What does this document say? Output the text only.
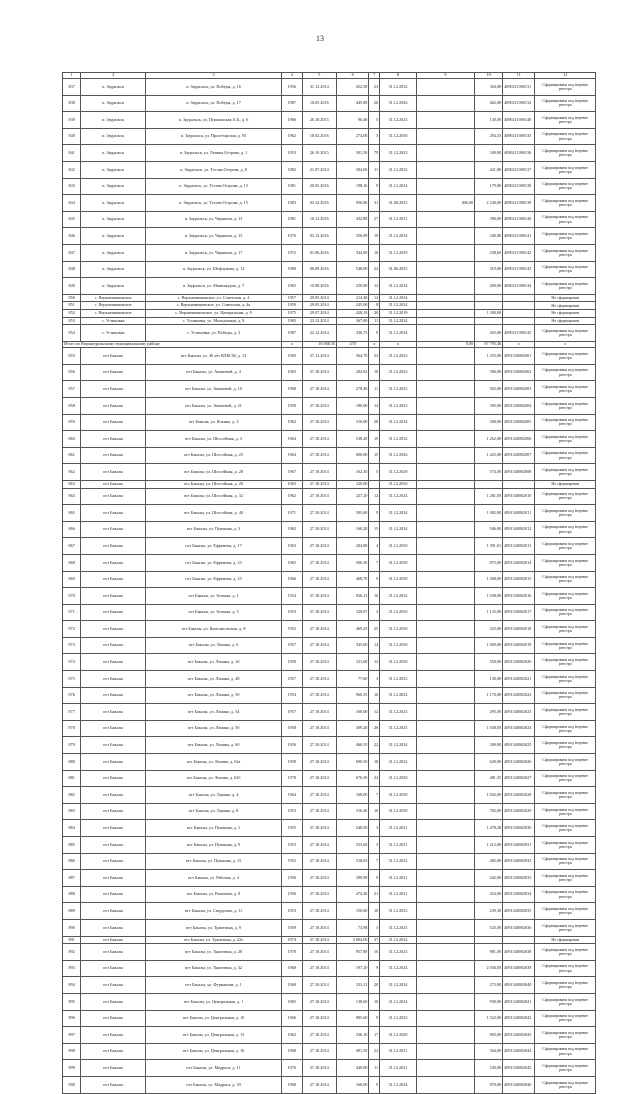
13
1	2	3	4	5	6	7	8	9	10	11	12
837	п. Зауральск	п. Зауральск, ул. Победы, д. 16	1956	31.12.2014	452,50	23	31.12.2032		304,00	4090211000131	Сформирована под ведение реестра
838	п. Зауральск	п. Зауральск, ул. Победы, д. 17	1987	10.05.2016	445,80	26	31.12.2026		462,00	4090211000132	Сформирована под ведение реестра
839	п. Зауральск	п. Зауральск, ул. Пушкинская А.Б., д. 6	1966	26.10.2015	96,40	5	31.12.2023		130,00	4090211000140	Сформирована под ведение реестра
840	п. Зауральск	п. Зауральск, ул. Пролетарская, д. 95	1962	10.02.2016	274,00	5	31.12.2030		294,35	4090211000135	Сформирована под ведение реестра
841	п. Зауральск	п. Зауральск, ул. Ленина Острова, д. 1	1953	26.10.2015	301,50	79	31.12.2023		349,00	4090211000136	Сформирована под ведение реестра
842	п. Зауральск	п. Зауральск, ул. Тосова Острова, д. 8	1982	21.07.2014	304,60	11	31.12.2032		421,80	4090211000137	Сформирована под ведение реестра
843	п. Зауральск	п. Зауральск, ул. Тосова Острова, д. 13	1981	20.05.2016	198,16	9	31.12.2024		179,80	4090211000138	Сформирована под ведение реестра
844	п. Зауральск	п. Зауральск, ул. Тосова Острова, д. 15	1983	03.12.2016	956,80	31	31.08.2025	406,00	2 240,00	4090211000139	Сформирована под ведение реестра
845	п. Зауральск	п. Зауральск, ул. Черняхов, д. 13	1981	10.12.2016	432,80	27	31.12.2031		396,00	4090211000140	Сформирована под ведение реестра
846	п. Зауральск	п. Зауральск, ул. Черняхов, д. 15	1976	03.12.2016	356,99	19	31.12.2034		340,80	4090211000141	Сформирована под ведение реестра
847	п. Зауральск	п. Зауральск, ул. Черняхов, д. 17	1972	01.06.2016	344,90	16	31.12.2029		238,60	4090211000142	Сформирована под ведение реестра
848	п. Зауральск	п. Зауральск, ул. Шефлунова, д. 12	1980	06.09.2016	548,00	22	01.06.2025		319,00	4090211000143	Сформирована под ведение реестра
849	п. Зауральск	п. Зауральск, ул. Маньчжуров, д. 7	1965	10.08.2016	250,90	12	31.12.2024		269,00	4090211000144	Сформирована под ведение реестра
850	с. Верхнеивановское	с. Верхнеивановское, ул. Советская, д. 4	1957	29.05.2014	214,48	14	31.12.2024				Не сформирован
851	с. Верхнеивановское	с. Верхнеивановское, ул. Советская, д. 4а	1959	29.05.2014	245,00	8	31.12.2024				Не сформирован
852	с. Верхнеивановское	с. Верхнеивановское, ул. Центральная, д. 9	1975	29.07.2014	428,10	20	31.12.2019		1 300,00		Не сформирован
853	с. Устиновка	с. Устиновка, ул. Молодежная, д. 8	1983	23.12.2014	367,00	11	31.12.2024				Не сформирован
854	с. Устиновка	с. Устиновка, ул. Победы, д. 3	1987	22.12.2014	436,75	9	31.12.2034		263,00	4090211000145	Сформирована под ведение реестра
Итого по Верхнеуральскому муниципальному району			х	16 066,55	470	х	х	0,00	67 795,46	х	х
855	пгт Бакалы	пгт Бакалы, ул. 40 лет ВЛКСМ, д. 13	1969	27.12.2014	564,70	22	31.12.2023		1 255,00	4091340002001	Сформирована под ведение реестра
856	пгт Бакалы	пгт Бакалы, ул. Аюкаевой, д. 4	1963	27.10.2014	204,82	10	31.12.2023		396,00	4091340002002	Сформирована под ведение реестра
857	пгт Бакалы	пгт Бакалы, ул. Аюкаевой, д. 10	1968	27.10.2014	278,46	11	31.12.2023		502,00	4091340002003	Сформирована под ведение реестра
858	пгт Бакалы	пгт Бакалы, ул. Аюкаевой, д. 21	1958	27.10.2014	180,60	14	31.12.2023		395,00	4091340002004	Сформирована под ведение реестра
859	пгт Бакалы	пгт Бакалы, ул. Ильина, д. 3	1962	27.10.2014	316,00	28	31.12.2024		308,00	4091340002005	Сформирована под ведение реестра
860	пгт Бакалы	пгт Бакалы, ул. Шоссейная, д. 3	1964	27.10.2014	538,20	19	31.12.2032		1 262,00	4091340002006	Сформирована под ведение реестра
861	пгт Бакалы	пгт Бакалы, ул. Шоссейная, д. 25	1964	27.10.2014	600,00	15	31.12.2026		1 425,00	4091340002007	Сформирована под ведение реестра
862	пгт Бакалы	пгт Бакалы, ул. Шоссейная, д. 28	1967	27.10.2014	162,30	5	31.12.2029		574,00	4091340002008	Сформирована под ведение реестра
863	пгт Бакалы	пгт Бакалы, ул. Шоссейная, д. 28	1963	27.10.2014	320,00		31.12.2030				Не сформирован
864	пгт Бакалы	пгт Бакалы, ул. Шоссейная, д. 32	1962	27.10.2014	227,20	12	31.12.2024		1 281,00	4091340002010	Сформирована под ведение реестра
865	пгт Бакалы	пгт Бакалы, ул. Шоссейная, д. 40	1971	27.10.2014	505,60	9	31.12.2024		1 082,00	4091340002011	Сформирована под ведение реестра
866	пгт Бакалы	пгт Бакалы, ул. Пушкина, д. 3	1962	27.10.2014	160,20	15	31.12.2024		946,00	4091340002012	Сформирована под ведение реестра
867	пгт Бакалы	пгт Бакалы, ул. Ефремова, д. 17	1963	27.10.2014	204,80	4	31.12.2030		1 391,61	4091340002013	Сформирована под ведение реестра
868	пгт Бакалы	пгт Бакалы, ул. Ефремова, д. 23	1965	27.10.2014	506,50	7	31.12.2030		875,00	4091340002014	Сформирована под ведение реестра
869	пгт Бакалы	пгт Бакалы, ул. Ефремова, д. 25	1966	27.10.2014	468,70	9	31.12.2030		1 368,00	4091340002015	Сформирована под ведение реестра
870	пгт Бакалы	пгт Бакалы, ул. Зеленая, д. 1	1954	27.10.2014	926,15	16	31.12.2032		1 038,00	4091340002016	Сформирована под ведение реестра
871	пгт Бакалы	пгт Бакалы, ул. Зеленая, д. 5	1953	27.10.2014	320,07	2	31.12.2030		1 135,00	4091340002017	Сформирована под ведение реестра
872	пгт Бакалы	пгт Бакалы, ул. Комсомольская, д. 8	1952	27.10.2014	469,25	25	31.12.2030		325,00	4091340002018	Сформирована под ведение реестра
873	пгт Бакалы	пгт Бакалы, ул. Ленина, д. 6	1957	27.10.2014	345,60	14	31.12.2030		1 000,00	4091340002019	Сформирована под ведение реестра
874	пгт Бакалы	пгт Бакалы, ул. Ленина, д. 16	1958	27.10.2014	331,60	12	31.12.2030		550,00	4091340002020	Сформирована под ведение реестра
875	пгт Бакалы	пгт Бакалы, ул. Ленина, д. 48	1957	27.10.2014	77,60	3	31.12.2023		130,00	4091340002021	Сформирована под ведение реестра
876	пгт Бакалы	пгт Бакалы, ул. Ленина, д. 50	1954	27.10.2014	960,35	16	31.12.2022		1 170,00	4091340002022	Сформирована под ведение реестра
877	пгт Бакалы	пгт Бакалы, ул. Ленина, д. 54	1957	27.10.2014	160,00	12	31.12.2023		295,00	4091340002023	Сформирована под ведение реестра
878	пгт Бакалы	пгт Бакалы, ул. Ленина, д. 56	1958	27.10.2014	309,20	26	31.12.2025		1 038,00	4091340002024	Сформирована под ведение реестра
879	пгт Бакалы	пгт Бакалы, ул. Ленина, д. 60	1956	27.10.2014	460,55	22	31.12.2024		309,00	4091340002025	Сформирована под ведение реестра
880	пгт Бакалы	пгт Бакалы, ул. Ленина, д. 62а	1958	27.10.2014	690,50	18	31.12.2022		620,00	4091340002026	Сформирована под ведение реестра
881	пгт Бакалы	пгт Бакалы, ул. Ленина, д. 62б	1978	27.10.2014	676,50	22	31.12.2020		481,35	4091340002027	Сформирована под ведение реестра
882	пгт Бакалы	пгт Бакалы, ул. Ларина, д. 4	1964	27.10.2014	168,00	7	31.12.2030		1 942,00	4091340002028	Сформирована под ведение реестра
883	пгт Бакалы	пгт Бакалы, ул. Ларина, д. 8	1953	27.10.2014	316,40	10	31.12.2030		782,00	4091340002029	Сформирована под ведение реестра
884	пгт Бакалы	пгт Бакалы, ул. Пушкина, д. 1	1955	27.10.2014	548,50	3	31.12.2021		1 478,28	4091340002030	Сформирована под ведение реестра
885	пгт Бакалы	пгт Бакалы, ул. Пушкина, д. 9	1953	27.10.2014	553,60	3	31.12.2021		1 212,00	4091340002031	Сформирована под ведение реестра
886	пгт Бакалы	пгт Бакалы, ул. Пушкина, д. 15	1952	27.10.2014	318,65	7	31.12.2022		482,00	4091340002032	Сформирована под ведение реестра
887	пгт Бакалы	пгт Бакалы, ул. Рабочая, д. 4	1956	27.10.2014	399,90	9	31.12.2021		442,00	4091340002033	Сформирована под ведение реестра
888	пгт Бакалы	пгт Бакалы, ул. Рахимова, д. 8	1956	27.10.2014	474,40	21	31.12.2021		454,00	4091340002034	Сформирована под ведение реестра
889	пгт Бакалы	пгт Бакалы, ул. Свердлова, д. 11	1953	27.10.2014	150,60	10	31.12.2023		239,30	4091340002035	Сформирована под ведение реестра
890	пгт Бакалы	пгт Бакалы, ул. Трапезина, д. 9	1959	27.10.2014	73,98	3	31.12.2025		525,00	4091340002036	Сформирована под ведение реестра
891	пгт Бакалы	пгт Бакалы, ул. Трапезина, д. 22а	1974	27.10.2014	3 004,00	37	31.12.2022				Не сформирован
892	пгт Бакалы	пгт Бакалы, ул. Трапезина, д. 28	1978	27.10.2014	957,80	16	31.12.2023		981,00	4091340002038	Сформирована под ведение реестра
893	пгт Бакалы	пгт Бакалы, ул. Трапезина, д. 32	1968	27.10.2014	197,20	9	31.12.2024		2 036,00	4091340002039	Сформирована под ведение реестра
894	пгт Бакалы	пгт Бакалы, ул. Фурманова, д. 1	1968	27.10.2014	333,21	20	31.12.2024		273,00	4091340002040	Сформирована под ведение реестра
895	пгт Бакалы	пгт Бакалы, ул. Центральная, д. 1	1965	27.10.2014	138,60	10	31.12.2024		930,00	4091340002041	Сформирована под ведение реестра
896	пгт Бакалы	пгт Бакалы, ул. Центральная, д. 10	1966	27.10.2014	985,60	9	31.12.2023		1 522,00	4091340002042	Сформирована под ведение реестра
897	пгт Бакалы	пгт Бакалы, ул. Центральная, д. 15	1962	27.10.2014	336,10	17	31.12.2020		903,00	4091340002043	Сформирована под ведение реестра
898	пгт Бакалы	пгт Бакалы, ул. Центральная, д. 16	1968	27.10.2014	491,50	22	31.12.2021		564,00	4091340002044	Сформирована под ведение реестра
899	пгт Бакалы	пгт Бакалы, ул. Мадриса, д. 11	1976	27.10.2014	440,00	11	31.12.2021		549,00	4091340002045	Сформирована под ведение реестра
900	пгт Бакалы	пгт Бакалы, ул. Мадриса, д. 39	1968	27.10.2014	160,00	9	31.12.2024		870,00	4091340002046	Сформирована под ведение реестра
